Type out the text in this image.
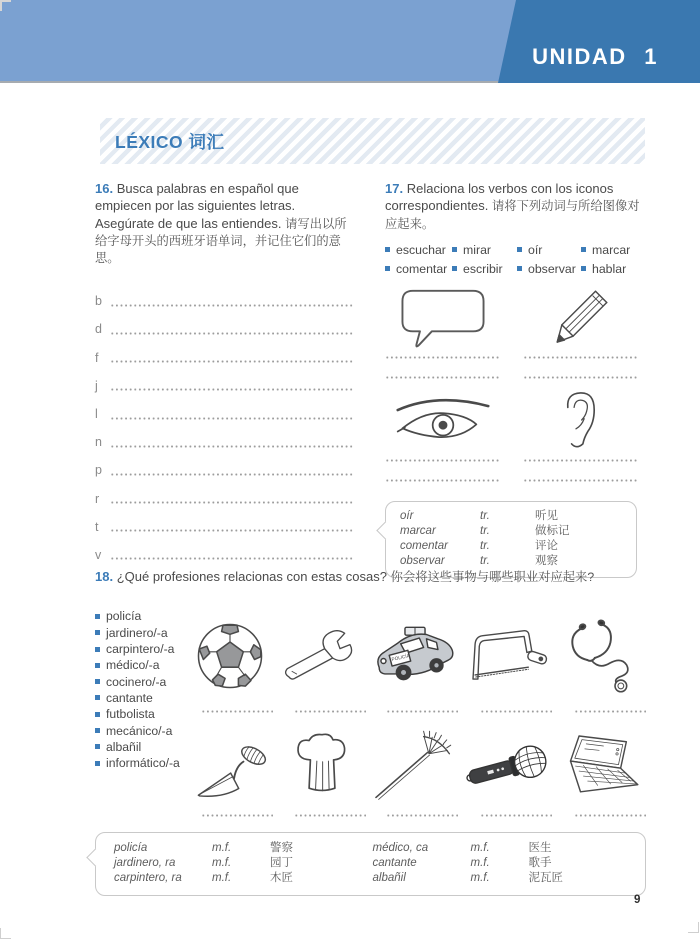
UNIDAD 1
LÉXICO 词汇

16. Busca palabras en español que empiecen por las siguientes letras. Asegúrate de que las entiendes. 请写出以所给字母开头的西班牙语单词，并记住它们的意思。

b
d
f
j
l
n
p
r
t
v

17. Relaciona los verbos con los iconos correspondientes. 请将下列动词与所给图像对应起来。

escuchar mirar	oír	marcar
comentar escribir observar hablar
oír	tr.	听见
marcar	tr.	做标记
comentar	tr.	评论
observar	tr.	观察

18. ¿Qué profesiones relacionas con estas cosas? 你会将这些事物与哪些职业对应起来?

policía
jardinero/-a
carpintero/-a
médico/-a
cocinero/-a
cantante
futbolista
mecánico/-a
albañil
informático/-a
POLICÍA
policía	m.f.	警察
jardinero, ra	m.f.	园丁
carpintero, ra	m.f.	木匠
médico, ca	m.f.	医生
cantante	m.f.	歌手
albañil	m.f.	泥瓦匠
9
